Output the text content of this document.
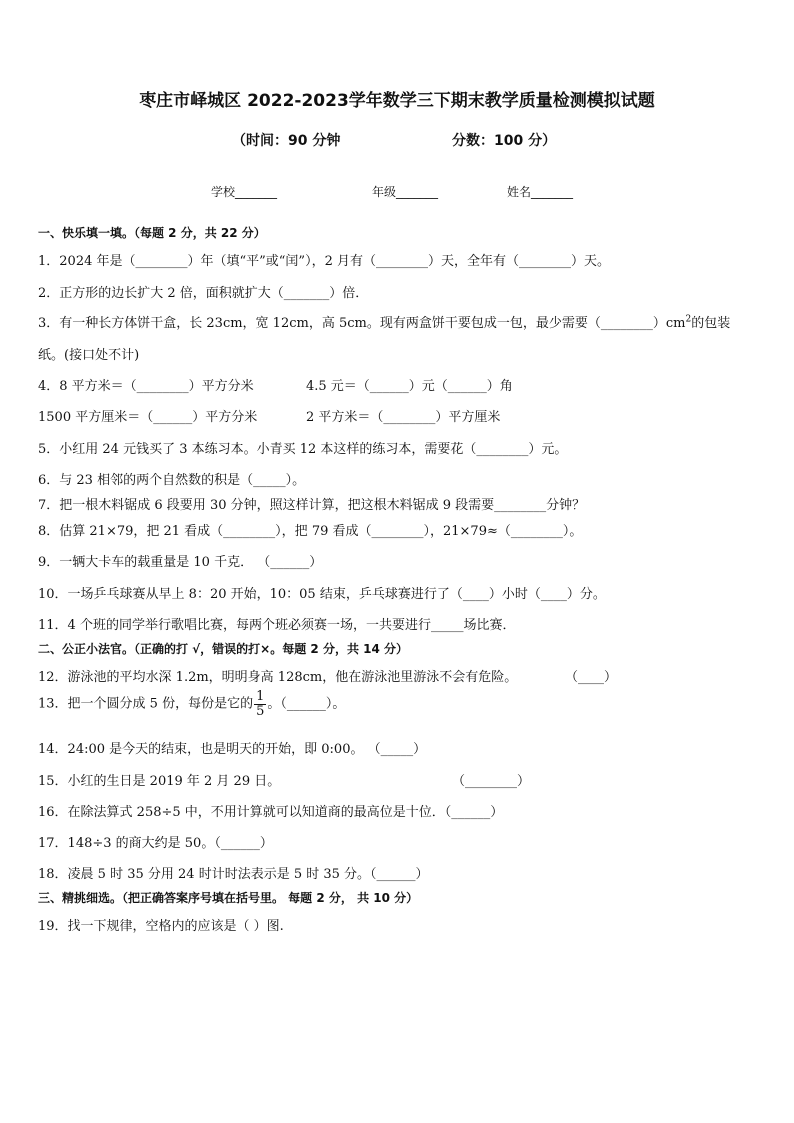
枣庄市峄城区 2022-2023学年数学三下期末教学质量检测模拟试题
（时间：90 分钟	分数：100 分）
学校_______	年级_______	姓名_______
一、快乐填一填。（每题 2 分，共 22 分）
1．2024 年是（________）年（填“平”或“闰”），2 月有（________）天，全年有（________）天。
2．正方形的边长扩大 2 倍，面积就扩大（_______）倍．
3．有一种长方体饼干盒，长 23cm，宽 12cm，高 5cm。现有两盒饼干要包成一包，最少需要$(\_\_\_\_\_\_\_\_)cm^2$的包装
纸。(接口处不计)
4．8 平方米＝（________）平方分米	4.5 元＝（______）元（______）角
1500 平方厘米＝（______）平方分米	2 平方米＝（________）平方厘米
5．小红用 24 元钱买了 3 本练习本。小青买 12 本这样的练习本，需要花（________）元。
6．与 23 相邻的两个自然数的积是（_____）。
7．把一根木料锯成 6 段要用 30 分钟，照这样计算，把这根木料锯成 9 段需要________分钟？
8．估算 21×79，把 21 看成（________），把 79 看成（________），21×79≈（________）。
9．一辆大卡车的载重量是 10 千克． （______）
10．一场乒乓球赛从早上 8：20 开始，10：05 结束，乒乓球赛进行了（____）小时（____）分。
11．4 个班的同学举行歌唱比赛，每两个班必须赛一场，一共要进行_____场比赛．
二、公正小法官。（正确的打 √，错误的打×。每题 2 分，共 14 分）
12．游泳池的平均水深 1.2m，明明身高 128cm，他在游泳池里游泳不会有危险。	（____）
13．把一个圆分成 5 份，每份是它的 $\frac{1}{5}$ 。（______）。
14．24:00 是今天的结束，也是明天的开始，即 0:00。 （_____）
15．小红的生日是 2019 年 2 月 29 日。	（________）
16．在除法算式 258÷5 中，不用计算就可以知道商的最高位是十位．（______）
17．148÷3 的商大约是 50。（______）
18．凌晨 5 时 35 分用 24 时计时法表示是 5 时 35 分。（______）
三、精挑细选。（把正确答案序号填在括号里。 每题 2 分， 共 10 分）
19．找一下规律，空格内的应该是（ ）图.
